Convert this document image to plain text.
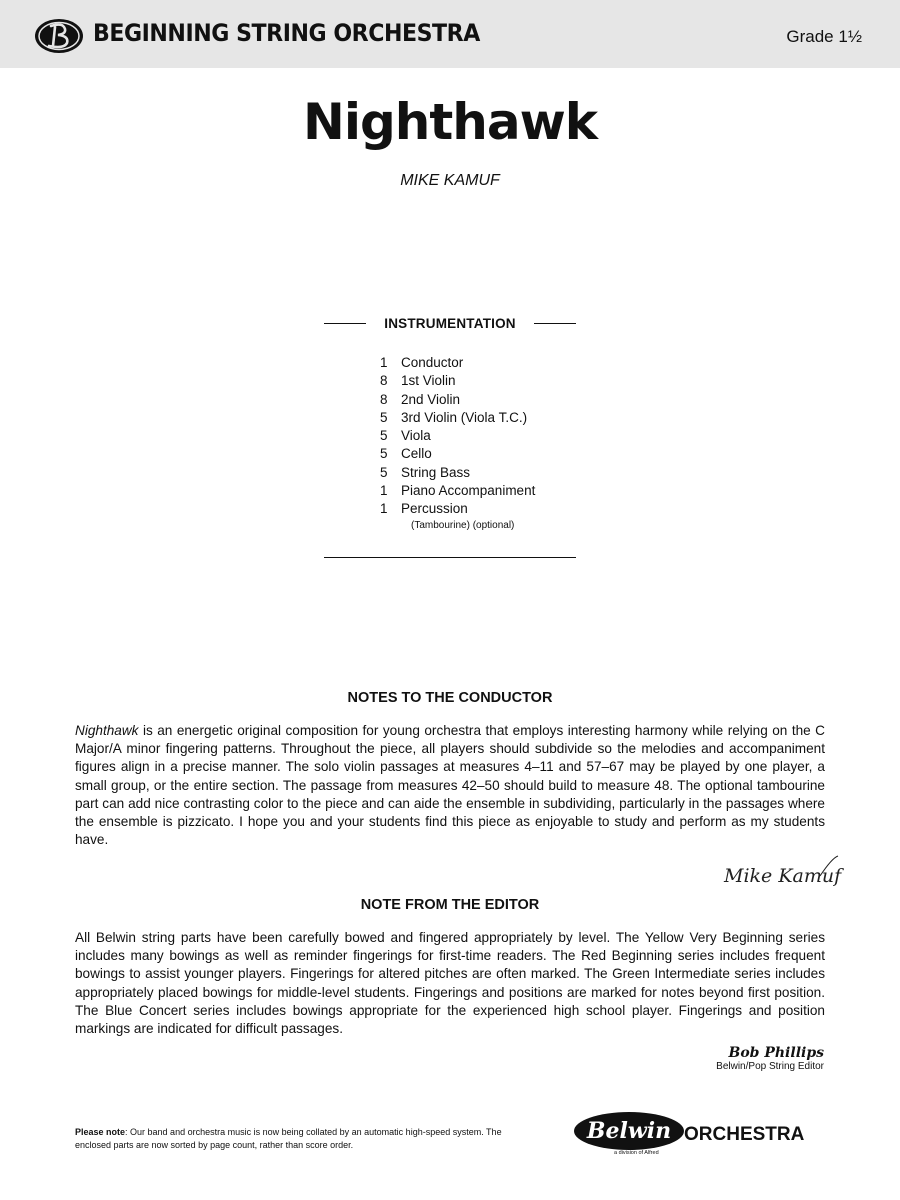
BEGINNING STRING ORCHESTRA	Grade 1½
Nighthawk
MIKE KAMUF
INSTRUMENTATION
1 Conductor
8 1st Violin
8 2nd Violin
5 3rd Violin (Viola T.C.)
5 Viola
5 Cello
5 String Bass
1 Piano Accompaniment
1 Percussion
(Tambourine) (optional)
NOTES TO THE CONDUCTOR
Nighthawk is an energetic original composition for young orchestra that employs interesting harmony while relying on the C Major/A minor fingering patterns. Throughout the piece, all players should subdivide so the melodies and accompaniment figures align in a precise manner. The solo violin passages at measures 4–11 and 57–67 may be played by one player, a small group, or the entire section. The passage from measures 42–50 should build to measure 48. The optional tambourine part can add nice contrasting color to the piece and can aide the ensemble in subdividing, particularly in the passages where the ensemble is pizzicato. I hope you and your students find this piece as enjoyable to study and perform as my students have.
Mike Kamuf
NOTE FROM THE EDITOR
All Belwin string parts have been carefully bowed and fingered appropriately by level. The Yellow Very Beginning series includes many bowings as well as reminder fingerings for first-time readers. The Red Beginning series includes frequent bowings to assist younger players. Fingerings for altered pitches are often marked. The Green Intermediate series includes appropriately placed bowings for middle-level students. Fingerings and positions are marked for notes beyond first position. The Blue Concert series includes bowings appropriate for the experienced high school player. Fingerings and position markings are indicated for difficult passages.
Bob Phillips
Belwin/Pop String Editor
Please note: Our band and orchestra music is now being collated by an automatic high-speed system. The enclosed parts are now sorted by page count, rather than score order.
Belwin ORCHESTRA
a division of Alfred
